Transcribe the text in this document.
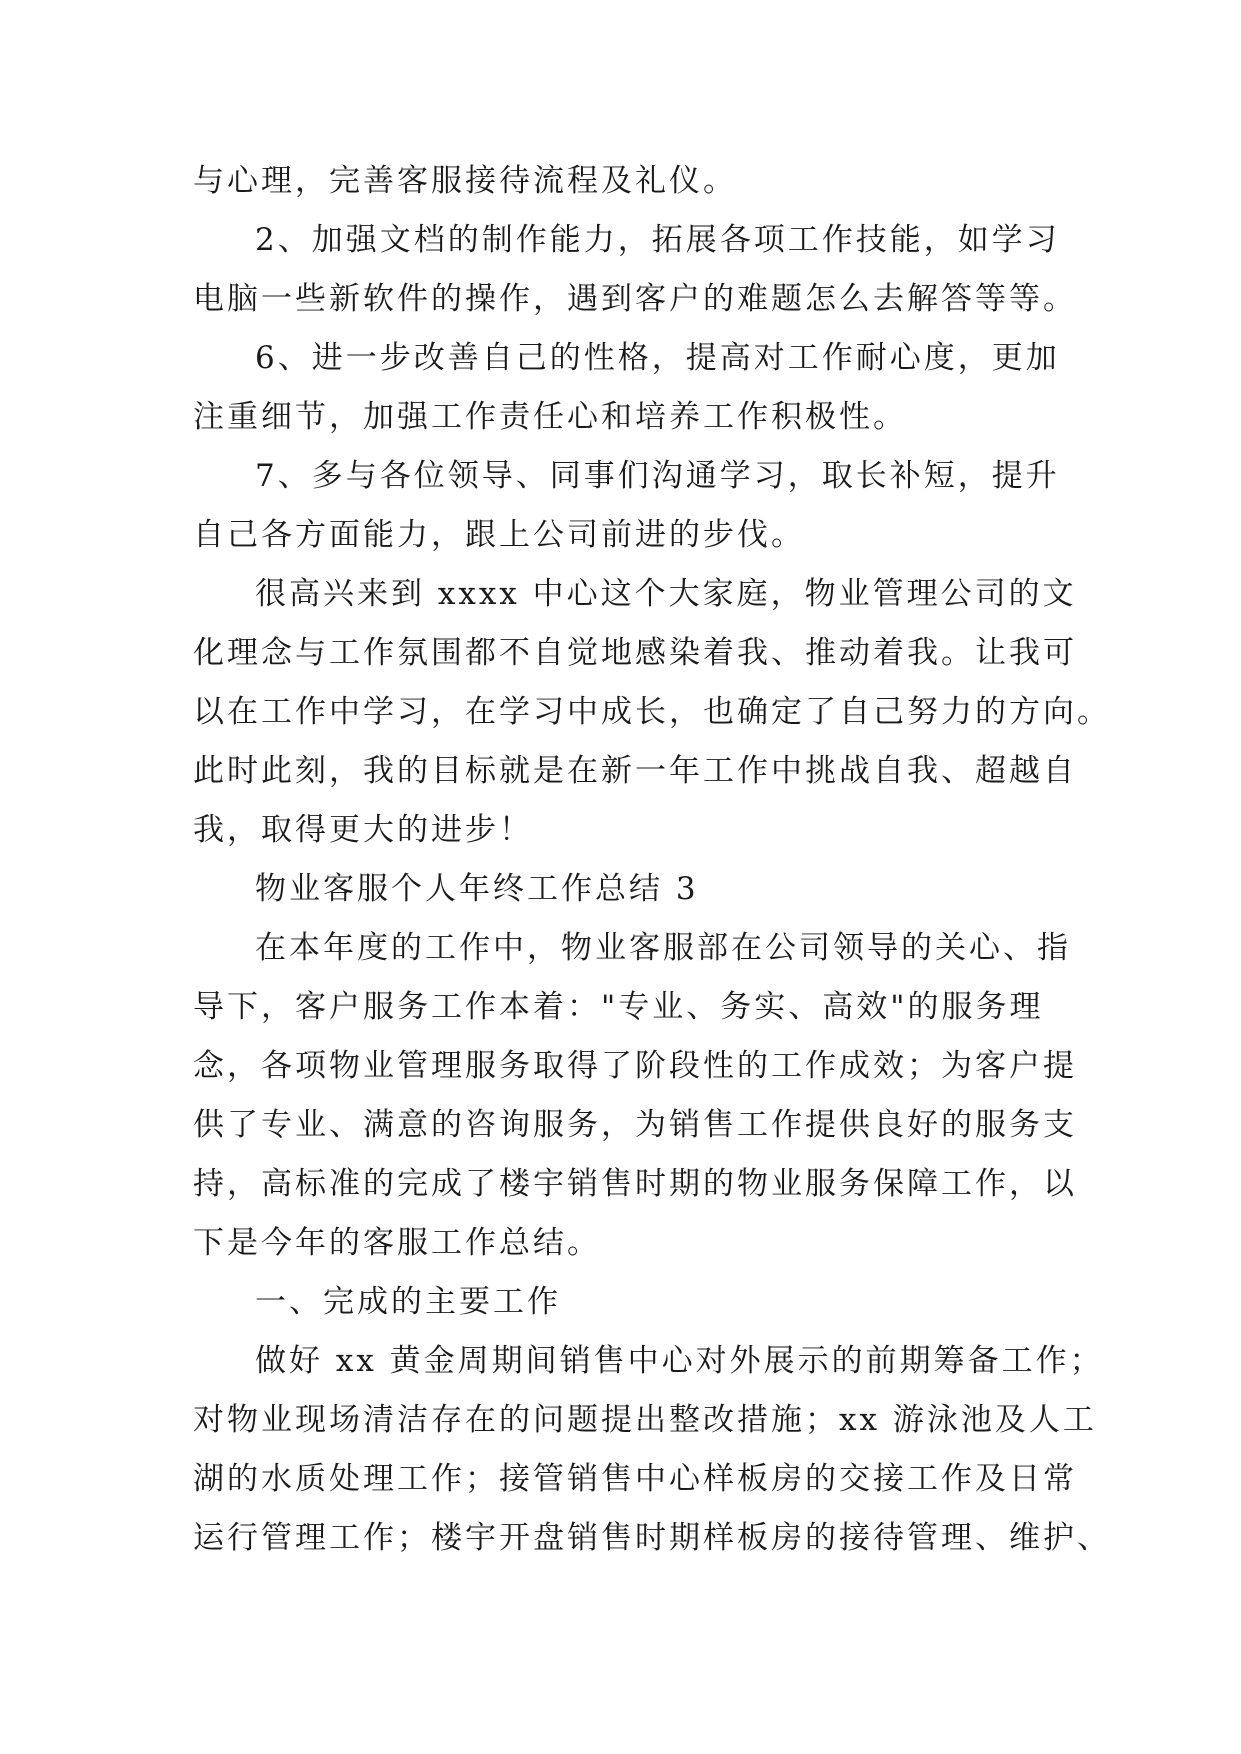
与心理，完善客服接待流程及礼仪。
2、加强文档的制作能力，拓展各项工作技能，如学习
电脑一些新软件的操作，遇到客户的难题怎么去解答等等。
6、进一步改善自己的性格，提高对工作耐心度，更加
注重细节，加强工作责任心和培养工作积极性。
7、多与各位领导、同事们沟通学习，取长补短，提升
自己各方面能力，跟上公司前进的步伐。
很高兴来到 xxxx 中心这个大家庭，物业管理公司的文
化理念与工作氛围都不自觉地感染着我、推动着我。让我可
以在工作中学习，在学习中成长，也确定了自己努力的方向。
此时此刻，我的目标就是在新一年工作中挑战自我、超越自
我，取得更大的进步！
物业客服个人年终工作总结 3
在本年度的工作中，物业客服部在公司领导的关心、指
导下，客户服务工作本着："专业、务实、高效"的服务理
念，各项物业管理服务取得了阶段性的工作成效；为客户提
供了专业、满意的咨询服务，为销售工作提供良好的服务支
持，高标准的完成了楼宇销售时期的物业服务保障工作，以
下是今年的客服工作总结。
一、完成的主要工作
做好 xx 黄金周期间销售中心对外展示的前期筹备工作；
对物业现场清洁存在的问题提出整改措施；xx 游泳池及人工
湖的水质处理工作；接管销售中心样板房的交接工作及日常
运行管理工作；楼宇开盘销售时期样板房的接待管理、维护、
